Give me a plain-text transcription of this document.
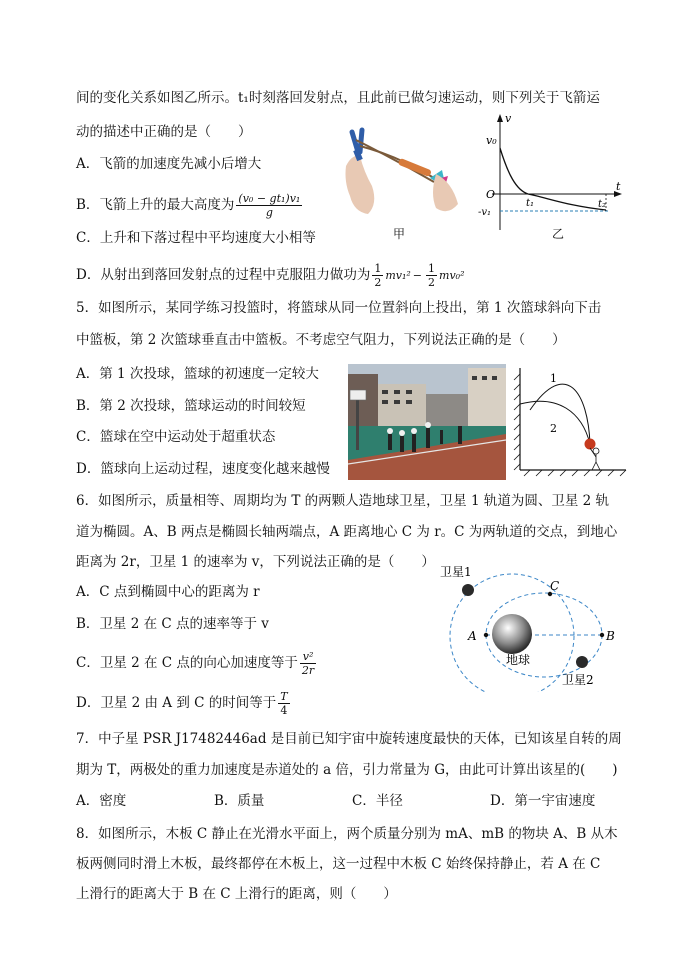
间的变化关系如图乙所示。t₁时刻落回发射点，且此前已做匀速运动，则下列关于飞箭运
动的描述中正确的是（　　）
A．飞箭的加速度先减小后增大
B．飞箭上升的最大高度为 $\frac{\text{(v₀ − gt₁)v₁}}{g}$
C．上升和下落过程中平均速度大小相等
D．从射出到落回发射点的过程中克服阻力做功为 $\frac{1}{2} mv_1^2 - \frac{1}{2} mv_0^2$
甲
v₀
v
t
O
t₁	t₂
-v₁
乙
5．如图所示，某同学练习投篮时，将篮球从同一位置斜向上投出，第 1 次篮球斜向下击
中篮板，第 2 次篮球垂直击中篮板。不考虑空气阻力，下列说法正确的是（　　）
A．第 1 次投球，篮球的初速度一定较大
B．第 2 次投球，篮球运动的时间较短
C．篮球在空中运动处于超重状态
D．篮球向上运动过程，速度变化越来越慢
1
2
6．如图所示，质量相等、周期均为 T 的两颗人造地球卫星，卫星 1 轨道为圆、卫星 2 轨
道为椭圆。A、B 两点是椭圆长轴两端点，A 距离地心 C 为 r。C 为两轨道的交点，到地心
距离为 2r，卫星 1 的速率为 v，下列说法正确的是（　　）
A．C 点到椭圆中心的距离为 r
B．卫星 2 在 C 点的速率等于 v
C．卫星 2 在 C 点的向心加速度等于 $\frac{\text{v²}}{2r}$
D．卫星 2 由 A 到 C 的时间等于 $\frac{T}{4}$
卫星1
C
A	B
地球
卫星2
7．中子星 PSR J17482446ad 是目前已知宇宙中旋转速度最快的天体，已知该星自转的周
期为 T，两极处的重力加速度是赤道处的 a 倍，引力常量为 G，由此可计算出该星的(　　)
A．密度	B．质量	C．半径	D．第一宇宙速度
8．如图所示，木板 C 静止在光滑水平面上，两个质量分别为 mA、mB 的物块 A、B 从木
板两侧同时滑上木板，最终都停在木板上，这一过程中木板 C 始终保持静止，若 A 在 C
上滑行的距离大于 B 在 C 上滑行的距离，则（　　）
